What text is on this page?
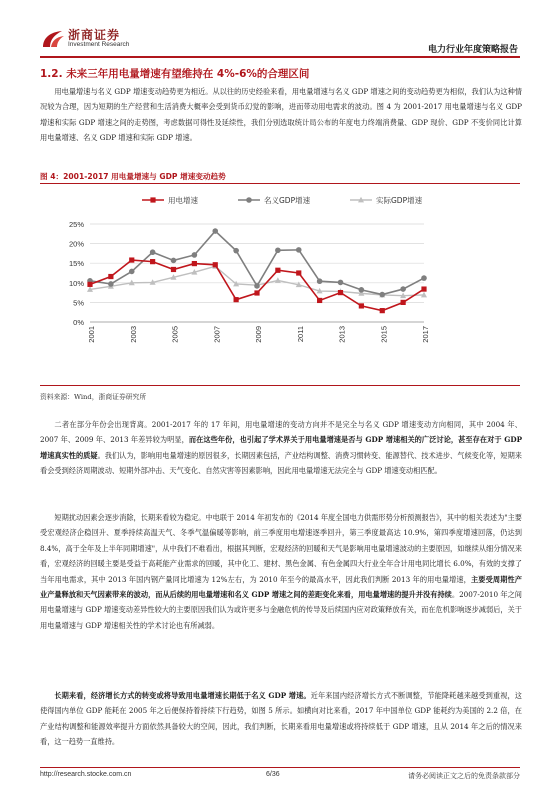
浙商证券
Investment Research
电力行业年度策略报告
1.2. 未来三年用电量增速有望维持在 4%-6%的合理区间

用电量增速与名义 GDP 增速变动趋势更为相近。从以往的历史经验来看，用电量增速与名义 GDP 增速之间的变动趋势更为相似，我们认为这种情况较为合理，因为短期的生产经营和生活消费大概率会受到货币幻觉的影响，进而带动用电需求的波动。图 4 为 2001-2017 用电量增速与名义 GDP 增速和实际 GDP 增速之间的走势图，考虑数据可得性及延续性，我们分别选取统计局公布的年度电力终端消费量、GDP 现价、GDP 不变价同比计算用电量增速、名义 GDP 增速和实际 GDP 增速。

图 4：2001-2017 用电量增速与 GDP 增速变动趋势
0%
5%
10%
15%
20%
25%
2001	2003	2005	2007	2009	2011	2013	2015	2017
用电增速	名义GDP增速	实际GDP增速
资料来源：Wind，浙商证券研究所

二者在部分年份会出现背离。2001-2017 年的 17 年间，用电量增速的变动方向并不是完全与名义 GDP 增速变动方向相同，其中 2004 年、2007 年、2009 年、2013 年差异较为明显，而在这些年份，也引起了学术界关于用电量增速是否与 GDP 增速相关的广泛讨论，甚至存在对于 GDP 增速真实性的质疑。我们认为，影响用电量增速的原因很多，长期因素包括，产业结构调整、消费习惯转变、能源替代、技术进步、气候变化等，短期来看会受到经济周期波动、短期外部冲击、天气变化、自然灾害等因素影响，因此用电量增速无法完全与 GDP 增速变动相匹配。

短期扰动因素会逐步消除，长期来看较为稳定。中电联于 2014 年初发布的《2014 年度全国电力供需形势分析预测报告》，其中的相关表述为"主要受宏观经济企稳回升、夏季持续高温天气、冬季气温偏暖等影响，前三季度用电增速逐季回升，第三季度最高达 10.9%，第四季度增速回落，仍达到 8.4%，高于全年及上半年同期增速"，从中我们不难看出，根据其判断，宏观经济的回暖和天气是影响用电量增速波动的主要原因，如继续从细分情况来看，宏观经济的回暖主要是受益于高耗能产业需求的回暖，其中化工、建材、黑色金属、有色金属四大行业全年合计用电同比增长 6.0%，有效的支撑了当年用电需求，其中 2013 年国内钢产量同比增速为 12%左右，为 2010 年至今的最高水平，因此我们判断 2013 年的用电量增速，主要受周期性产业产量释放和天气因素带来的波动，而从后续的用电量增速和名义 GDP 增速之间的差距变化来看，用电量增速的提升并没有持续。2007-2010 年之间用电量增速与 GDP 增速变动差异性较大的主要原因我们认为或许更多与金融危机的传导及后续国内应对政策释放有关，而在危机影响逐步减弱后，关于用电量增速与 GDP 增速相关性的学术讨论也有所减弱。

长期来看，经济增长方式的转变或将导致用电量增速长期低于名义 GDP 增速。近年来国内经济增长方式不断调整，节能降耗越来越受到重视，这使得国内单位 GDP 能耗在 2005 年之后便保持着持续下行趋势，如图 5 所示。如横向对比来看，2017 年中国单位 GDP 能耗约为美国的 2.2 倍，在产业结构调整和能源效率提升方面依然具备较大的空间，因此，我们判断，长期来看用电量增速或将持续低于 GDP 增速，且从 2014 年之后的情况来看，这一趋势一直维持。

http://research.stocke.com.cn	6/36	请务必阅读正文之后的免责条款部分
